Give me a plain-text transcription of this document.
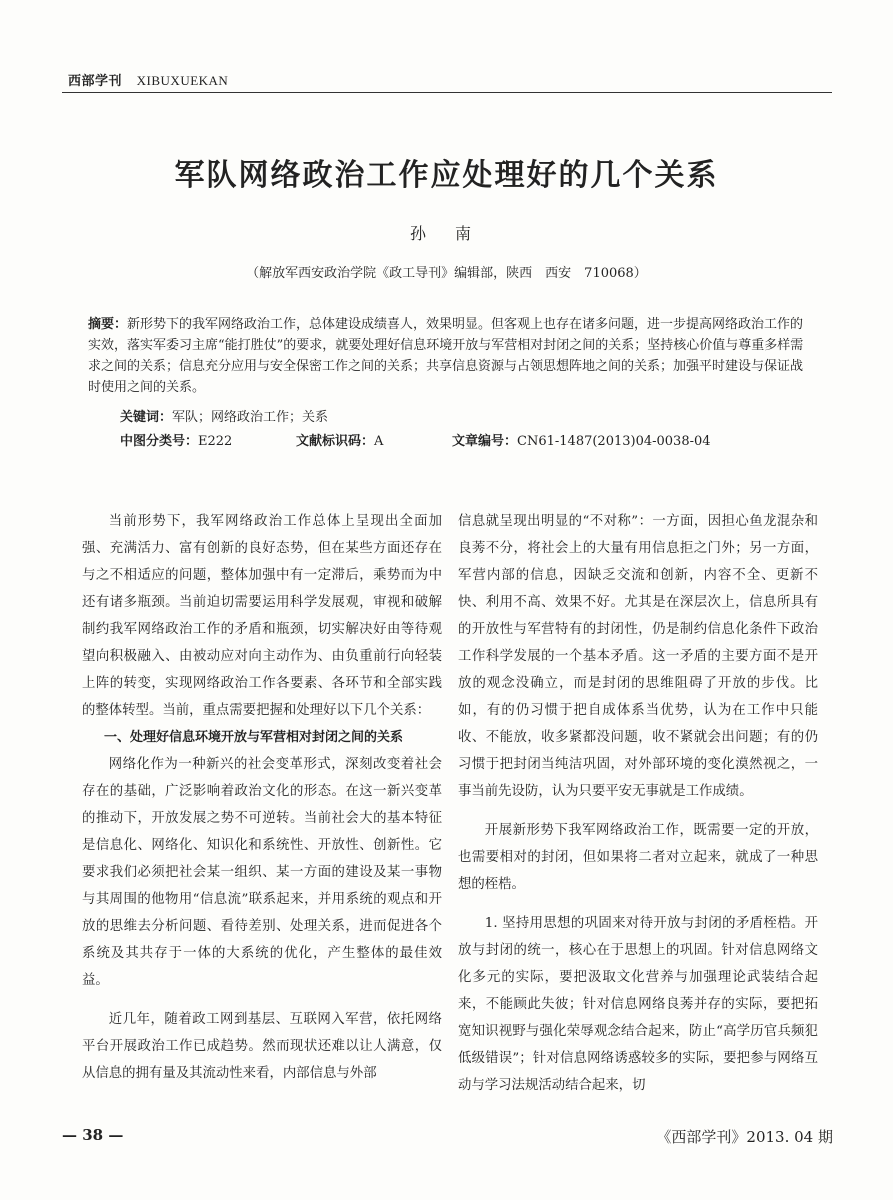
西部学刊 XIBUXUEKAN
军队网络政治工作应处理好的几个关系
孙 南
（解放军西安政治学院《政工导刊》编辑部，陕西　西安　710068）
摘要：新形势下的我军网络政治工作，总体建设成绩喜人，效果明显。但客观上也存在诸多问题，进一步提高网络政治工作的实效，落实军委习主席“能打胜仗”的要求，就要处理好信息环境开放与军营相对封闭之间的关系；坚持核心价值与尊重多样需求之间的关系；信息充分应用与安全保密工作之间的关系；共享信息资源与占领思想阵地之间的关系；加强平时建设与保证战时使用之间的关系。
关键词：军队；网络政治工作；关系
中图分类号：E222	文献标识码：A	文章编号：CN61-1487(2013)04-0038-04

当前形势下，我军网络政治工作总体上呈现出全面加强、充满活力、富有创新的良好态势，但在某些方面还存在与之不相适应的问题，整体加强中有一定滞后，乘势而为中还有诸多瓶颈。当前迫切需要运用科学发展观，审视和破解制约我军网络政治工作的矛盾和瓶颈，切实解决好由等待观望向积极融入、由被动应对向主动作为、由负重前行向轻装上阵的转变，实现网络政治工作各要素、各环节和全部实践的整体转型。当前，重点需要把握和处理好以下几个关系：

一、处理好信息环境开放与军营相对封闭之间的关系

网络化作为一种新兴的社会变革形式，深刻改变着社会存在的基础，广泛影响着政治文化的形态。在这一新兴变革的推动下，开放发展之势不可逆转。当前社会大的基本特征是信息化、网络化、知识化和系统性、开放性、创新性。它要求我们必须把社会某一组织、某一方面的建设及某一事物与其周围的他物用“信息流”联系起来，并用系统的观点和开放的思维去分析问题、看待差别、处理关系，进而促进各个系统及其共存于一体的大系统的优化，产生整体的最佳效益。

近几年，随着政工网到基层、互联网入军营，依托网络平台开展政治工作已成趋势。然而现状还难以让人满意，仅从信息的拥有量及其流动性来看，内部信息与外部

信息就呈现出明显的“不对称”：一方面，因担心鱼龙混杂和良莠不分，将社会上的大量有用信息拒之门外；另一方面，军营内部的信息，因缺乏交流和创新，内容不全、更新不快、利用不高、效果不好。尤其是在深层次上，信息所具有的开放性与军营特有的封闭性，仍是制约信息化条件下政治工作科学发展的一个基本矛盾。这一矛盾的主要方面不是开放的观念没确立，而是封闭的思维阻碍了开放的步伐。比如，有的仍习惯于把自成体系当优势，认为在工作中只能收、不能放，收多紧都没问题，收不紧就会出问题；有的仍习惯于把封闭当纯洁巩固，对外部环境的变化漠然视之，一事当前先设防，认为只要平安无事就是工作成绩。

开展新形势下我军网络政治工作，既需要一定的开放，也需要相对的封闭，但如果将二者对立起来，就成了一种思想的桎梏。

1. 坚持用思想的巩固来对待开放与封闭的矛盾桎梏。开放与封闭的统一，核心在于思想上的巩固。针对信息网络文化多元的实际，要把汲取文化营养与加强理论武装结合起来，不能顾此失彼；针对信息网络良莠并存的实际，要把拓宽知识视野与强化荣辱观念结合起来，防止“高学历官兵频犯低级错误”；针对信息网络诱惑较多的实际，要把参与网络互动与学习法规活动结合起来，切

— 38 —	《西部学刊》2013. 04 期
